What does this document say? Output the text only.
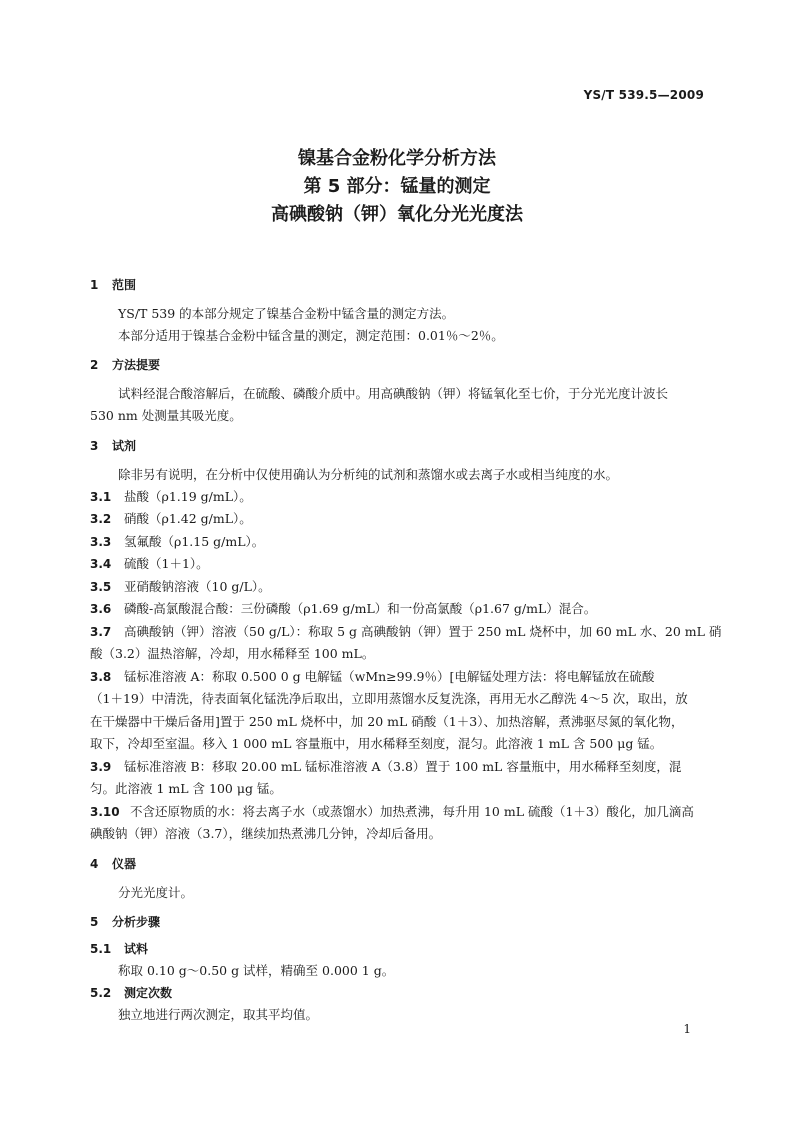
YS/T 539.5—2009
镍基合金粉化学分析方法
第 5 部分：锰量的测定
高碘酸钠（钾）氧化分光光度法
1 范围

YS/T 539 的本部分规定了镍基合金粉中锰含量的测定方法。

本部分适用于镍基合金粉中锰含量的测定，测定范围：0.01％～2％。

2 方法提要

试料经混合酸溶解后，在硫酸、磷酸介质中。用高碘酸钠（钾）将锰氧化至七价，于分光光度计波长

530 nm 处测量其吸光度。

3 试剂

除非另有说明，在分析中仅使用确认为分析纯的试剂和蒸馏水或去离子水或相当纯度的水。

3.1 盐酸（ρ1.19 g/mL）。

3.2 硝酸（ρ1.42 g/mL）。

3.3 氢氟酸（ρ1.15 g/mL）。

3.4 硫酸（1＋1）。

3.5 亚硝酸钠溶液（10 g/L）。

3.6 磷酸-高氯酸混合酸：三份磷酸（ρ1.69 g/mL）和一份高氯酸（ρ1.67 g/mL）混合。

3.7 高碘酸钠（钾）溶液（50 g/L）：称取 5 g 高碘酸钠（钾）置于 250 mL 烧杯中，加 60 mL 水、20 mL 硝

酸（3.2）温热溶解，冷却，用水稀释至 100 mL。

3.8 锰标准溶液 A：称取 0.500 0 g 电解锰（wMn≥99.9％）[电解锰处理方法：将电解锰放在硫酸

（1＋19）中清洗，待表面氧化锰洗净后取出，立即用蒸馏水反复洗涤，再用无水乙醇洗 4～5 次，取出，放

在干燥器中干燥后备用]置于 250 mL 烧杯中，加 20 mL 硝酸（1＋3）、加热溶解，煮沸驱尽氮的氧化物，

取下，冷却至室温。移入 1 000 mL 容量瓶中，用水稀释至刻度，混匀。此溶液 1 mL 含 500 μg 锰。

3.9 锰标准溶液 B：移取 20.00 mL 锰标准溶液 A（3.8）置于 100 mL 容量瓶中，用水稀释至刻度，混

匀。此溶液 1 mL 含 100 μg 锰。

3.10 不含还原物质的水：将去离子水（或蒸馏水）加热煮沸，每升用 10 mL 硫酸（1＋3）酸化，加几滴高

碘酸钠（钾）溶液（3.7），继续加热煮沸几分钟，冷却后备用。

4 仪器

分光光度计。

5 分析步骤
5.1 试料

称取 0.10 g～0.50 g 试样，精确至 0.000 1 g。

5.2 测定次数

独立地进行两次测定，取其平均值。

1
